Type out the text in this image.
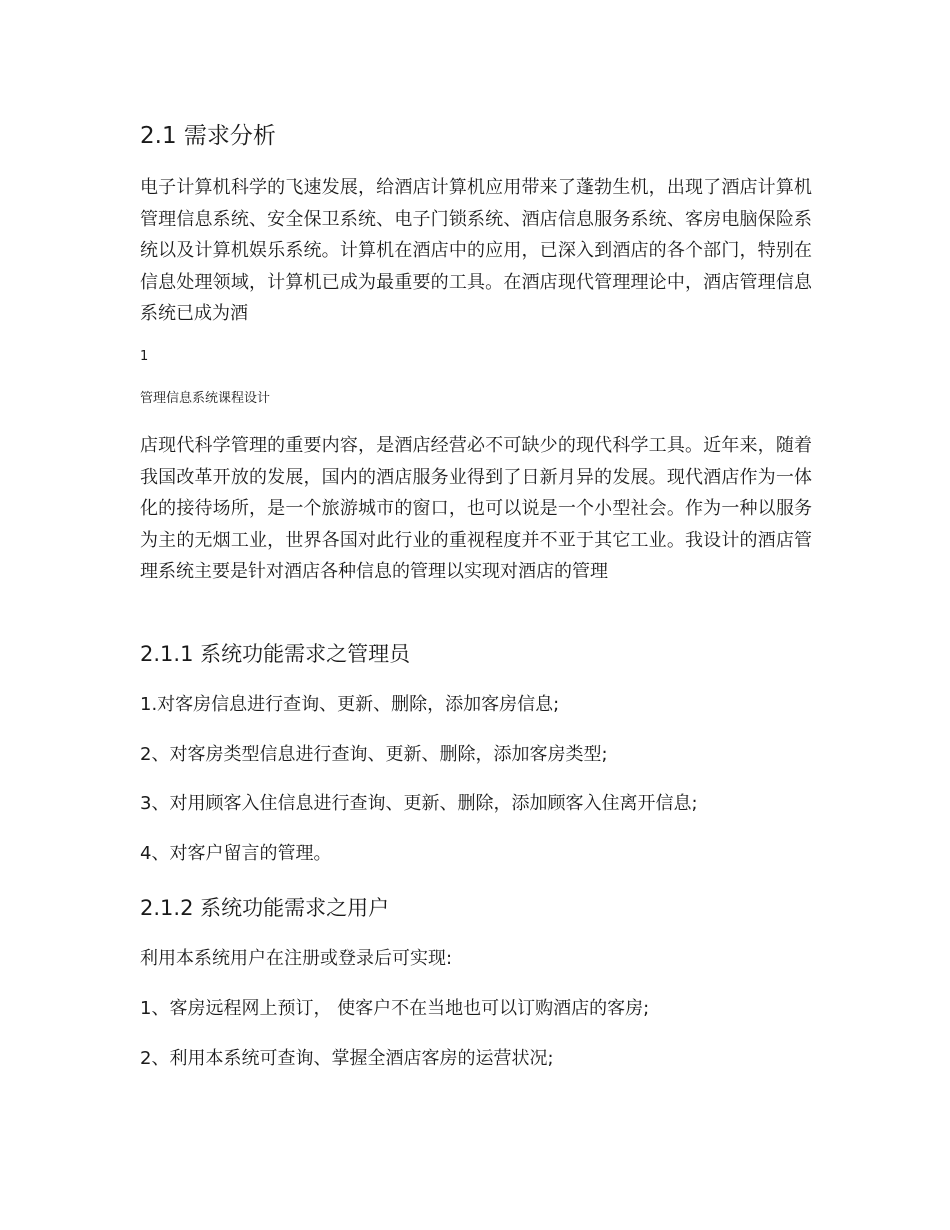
2.1 需求分析
电子计算机科学的飞速发展，给酒店计算机应用带来了蓬勃生机，出现了酒店计算机管理信息系统、安全保卫系统、电子门锁系统、酒店信息服务系统、客房电脑保险系统以及计算机娱乐系统。计算机在酒店中的应用，已深入到酒店的各个部门，特别在信息处理领域，计算机已成为最重要的工具。在酒店现代管理理论中，酒店管理信息系统已成为酒
1
管理信息系统课程设计
店现代科学管理的重要内容，是酒店经营必不可缺少的现代科学工具。近年来，随着我国改革开放的发展，国内的酒店服务业得到了日新月异的发展。现代酒店作为一体化的接待场所，是一个旅游城市的窗口，也可以说是一个小型社会。作为一种以服务为主的无烟工业，世界各国对此行业的重视程度并不亚于其它工业。我设计的酒店管理系统主要是针对酒店各种信息的管理以实现对酒店的管理
2.1.1 系统功能需求之管理员
1.对客房信息进行查询、更新、删除，添加客房信息;
2、对客房类型信息进行查询、更新、删除，添加客房类型;
3、对用顾客入住信息进行查询、更新、删除，添加顾客入住离开信息;
4、对客户留言的管理。
2.1.2 系统功能需求之用户
利用本系统用户在注册或登录后可实现:
1、客房远程网上预订， 使客户不在当地也可以订购酒店的客房;
2、利用本系统可查询、掌握全酒店客房的运营状况;
